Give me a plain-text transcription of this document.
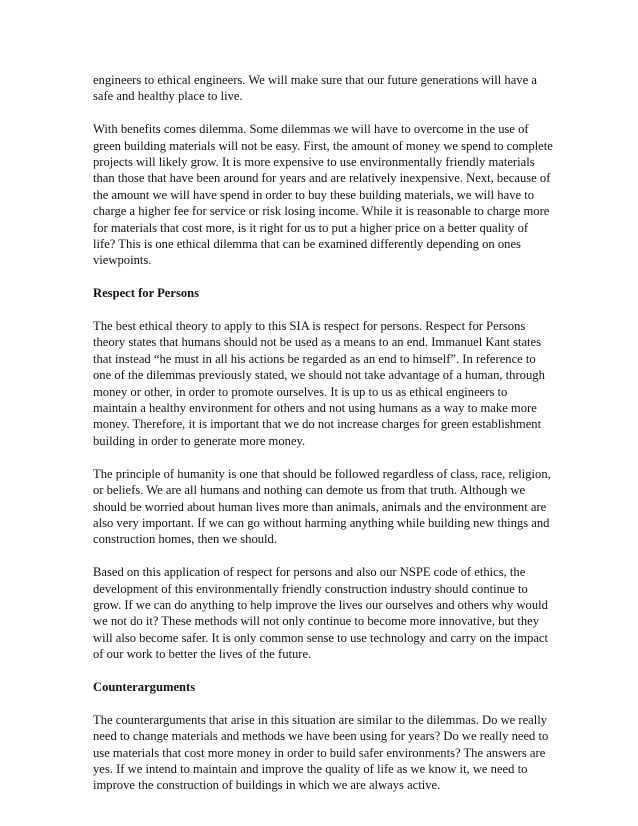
engineers to ethical engineers. We will make sure that our future generations will have a safe and healthy place to live.

With benefits comes dilemma. Some dilemmas we will have to overcome in the use of green building materials will not be easy. First, the amount of money we spend to complete projects will likely grow. It is more expensive to use environmentally friendly materials than those that have been around for years and are relatively inexpensive. Next, because of the amount we will have spend in order to buy these building materials, we will have to charge a higher fee for service or risk losing income. While it is reasonable to charge more for materials that cost more, is it right for us to put a higher price on a better quality of life? This is one ethical dilemma that can be examined differently depending on ones viewpoints.

Respect for Persons

The best ethical theory to apply to this SIA is respect for persons. Respect for Persons theory states that humans should not be used as a means to an end. Immanuel Kant states that instead “he must in all his actions be regarded as an end to himself”. In reference to one of the dilemmas previously stated, we should not take advantage of a human, through money or other, in order to promote ourselves. It is up to us as ethical engineers to maintain a healthy environment for others and not using humans as a way to make more money. Therefore, it is important that we do not increase charges for green establishment building in order to generate more money.

The principle of humanity is one that should be followed regardless of class, race, religion, or beliefs. We are all humans and nothing can demote us from that truth. Although we should be worried about human lives more than animals, animals and the environment are also very important. If we can go without harming anything while building new things and construction homes, then we should.

Based on this application of respect for persons and also our NSPE code of ethics, the development of this environmentally friendly construction industry should continue to grow. If we can do anything to help improve the lives our ourselves and others why would we not do it? These methods will not only continue to become more innovative, but they will also become safer. It is only common sense to use technology and carry on the impact of our work to better the lives of the future.

Counterarguments

The counterarguments that arise in this situation are similar to the dilemmas. Do we really need to change materials and methods we have been using for years? Do we really need to use materials that cost more money in order to build safer environments? The answers are yes. If we intend to maintain and improve the quality of life as we know it, we need to improve the construction of buildings in which we are always active.
